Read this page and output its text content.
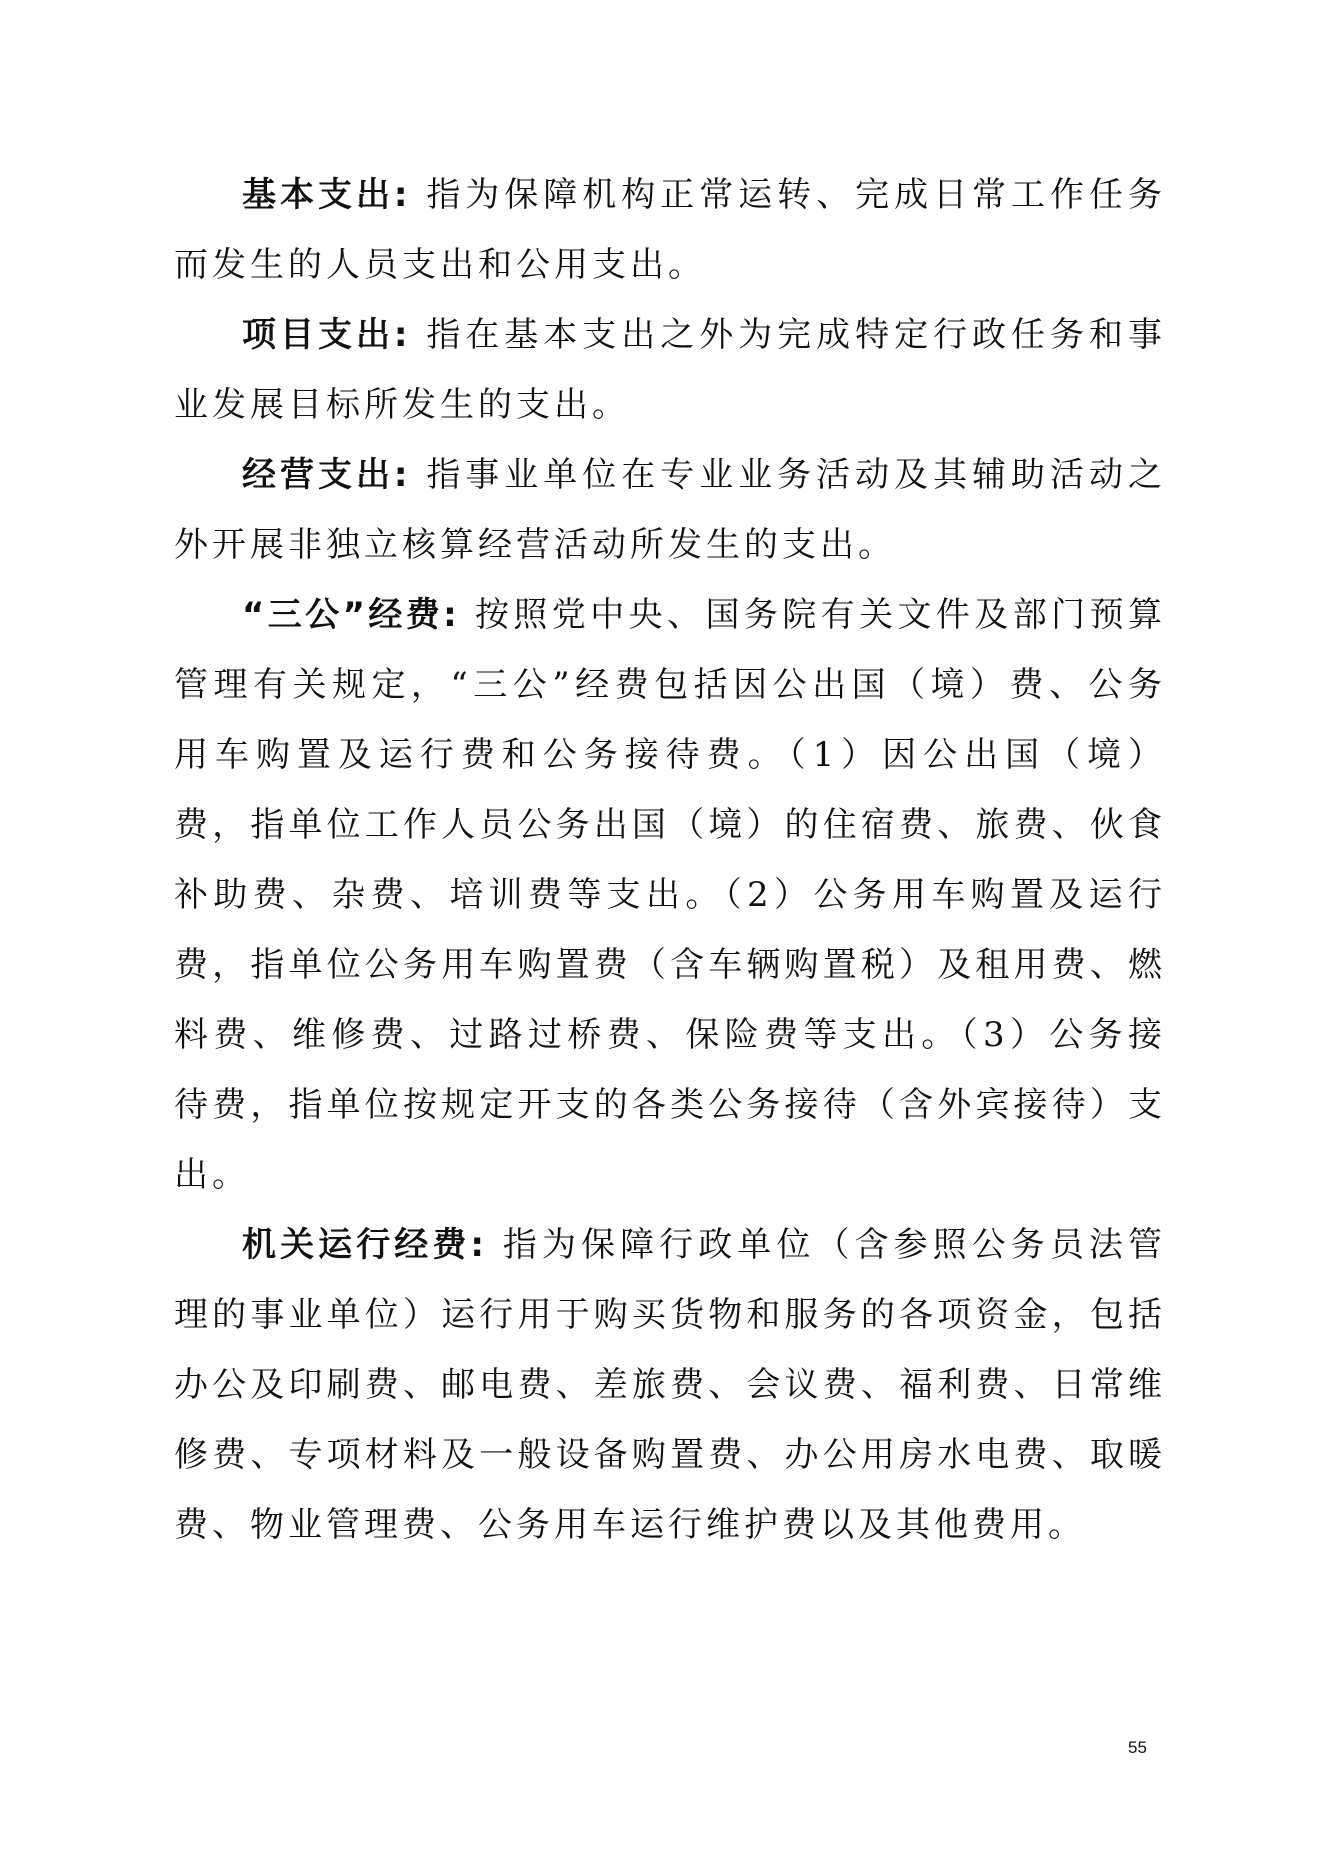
基本支出: 指为保障机构正常运转、完成日常工作任务而发生的人员支出和公用支出。

项目支出: 指在基本支出之外为完成特定行政任务和事业发展目标所发生的支出。

经营支出: 指事业单位在专业业务活动及其辅助活动之外开展非独立核算经营活动所发生的支出。

“三公”经费: 按照党中央、国务院有关文件及部门预算管理有关规定，“三公”经费包括因公出国（境）费、公务用车购置及运行费和公务接待费。（1）因公出国（境）费，指单位工作人员公务出国（境）的住宿费、旅费、伙食补助费、杂费、培训费等支出。（2）公务用车购置及运行费，指单位公务用车购置费（含车辆购置税）及租用费、燃料费、维修费、过路过桥费、保险费等支出。（3）公务接待费，指单位按规定开支的各类公务接待（含外宾接待）支出。

机关运行经费: 指为保障行政单位（含参照公务员法管理的事业单位）运行用于购买货物和服务的各项资金，包括办公及印刷费、邮电费、差旅费、会议费、福利费、日常维修费、专项材料及一般设备购置费、办公用房水电费、取暖费、物业管理费、公务用车运行维护费以及其他费用。

55
